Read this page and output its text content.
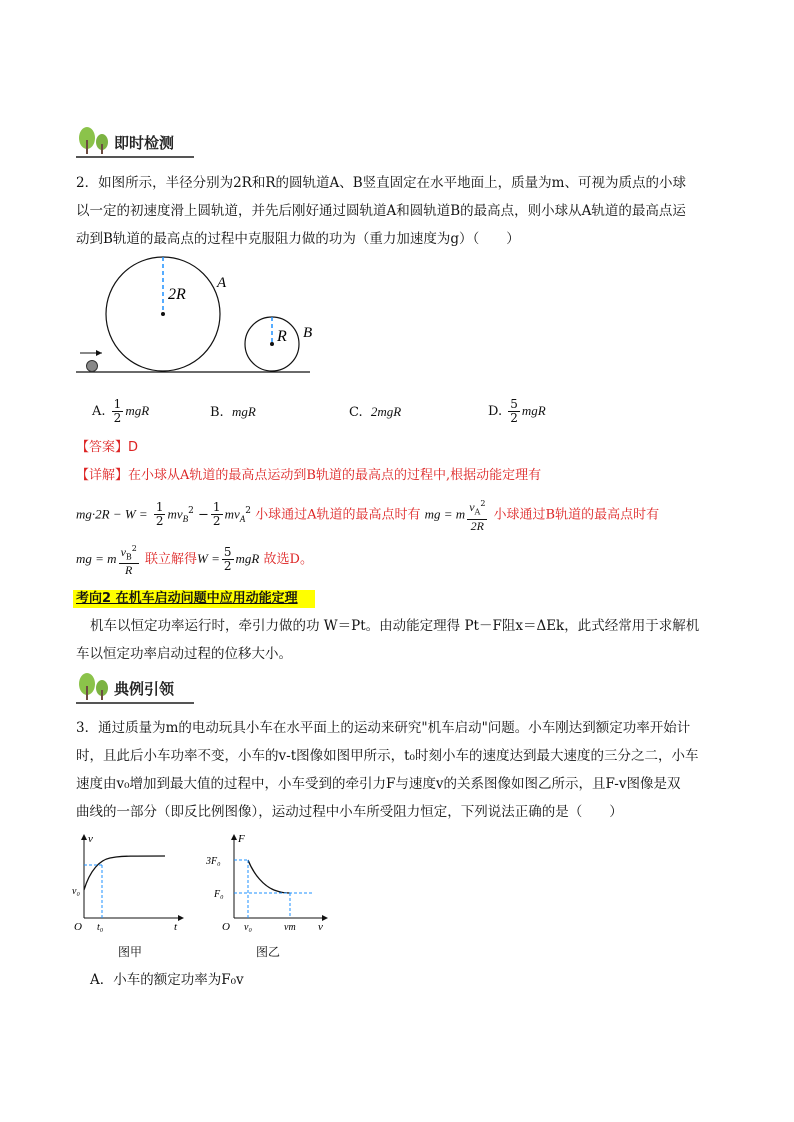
即时检测
2．如图所示，半径分别为2R和R的圆轨道A、B竖直固定在水平地面上，质量为m、可视为质点的小球
以一定的初速度滑上圆轨道，并先后刚好通过圆轨道A和圆轨道B的最高点，则小球从A轨道的最高点运
动到B轨道的最高点的过程中克服阻力做的功为（重力加速度为g）（　　）
2R
A
R B
A. $\frac{1}{2}$ mgR	B. mgR	C. 2mgR	D. $\frac{5}{2}$ mgR
【答案】D
【详解】在小球从A轨道的最高点运动到B轨道的最高点的过程中,根据动能定理有
$mg\cdot 2R - W = \frac{1}{2} mv_B^2 - \frac{1}{2} mv_A^2$ 小球通过A轨道的最高点时有 mg = m $\frac{v_A^2}{2R}$ 小球通过B轨道的最高点时有
mg = m $\frac{v_B^2}{R}$ 联立解得$W = \frac{5}{2}$ mgR 故选D。
考向2 在机车启动问题中应用动能定理
机车以恒定功率运行时，牵引力做的功 W＝Pt。由动能定理得 Pt－F阻x＝ΔEk，此式经常用于求解机
车以恒定功率启动过程的位移大小。
典例引领
3．通过质量为m的电动玩具小车在水平面上的运动来研究"机车启动"问题。小车刚达到额定功率开始计
时，且此后小车功率不变，小车的v-t图像如图甲所示，t₀时刻小车的速度达到最大速度的三分之二，小车
速度由v₀增加到最大值的过程中，小车受到的牵引力F与速度v的关系图像如图乙所示，且F-v图像是双
曲线的一部分（即反比例图像），运动过程中小车所受阻力恒定，下列说法正确的是（　　）
v
t
O
v₀
t₀
图甲
F
v
O
3F₀
F₀
v₀	vm
图乙
A．小车的额定功率为F₀v
